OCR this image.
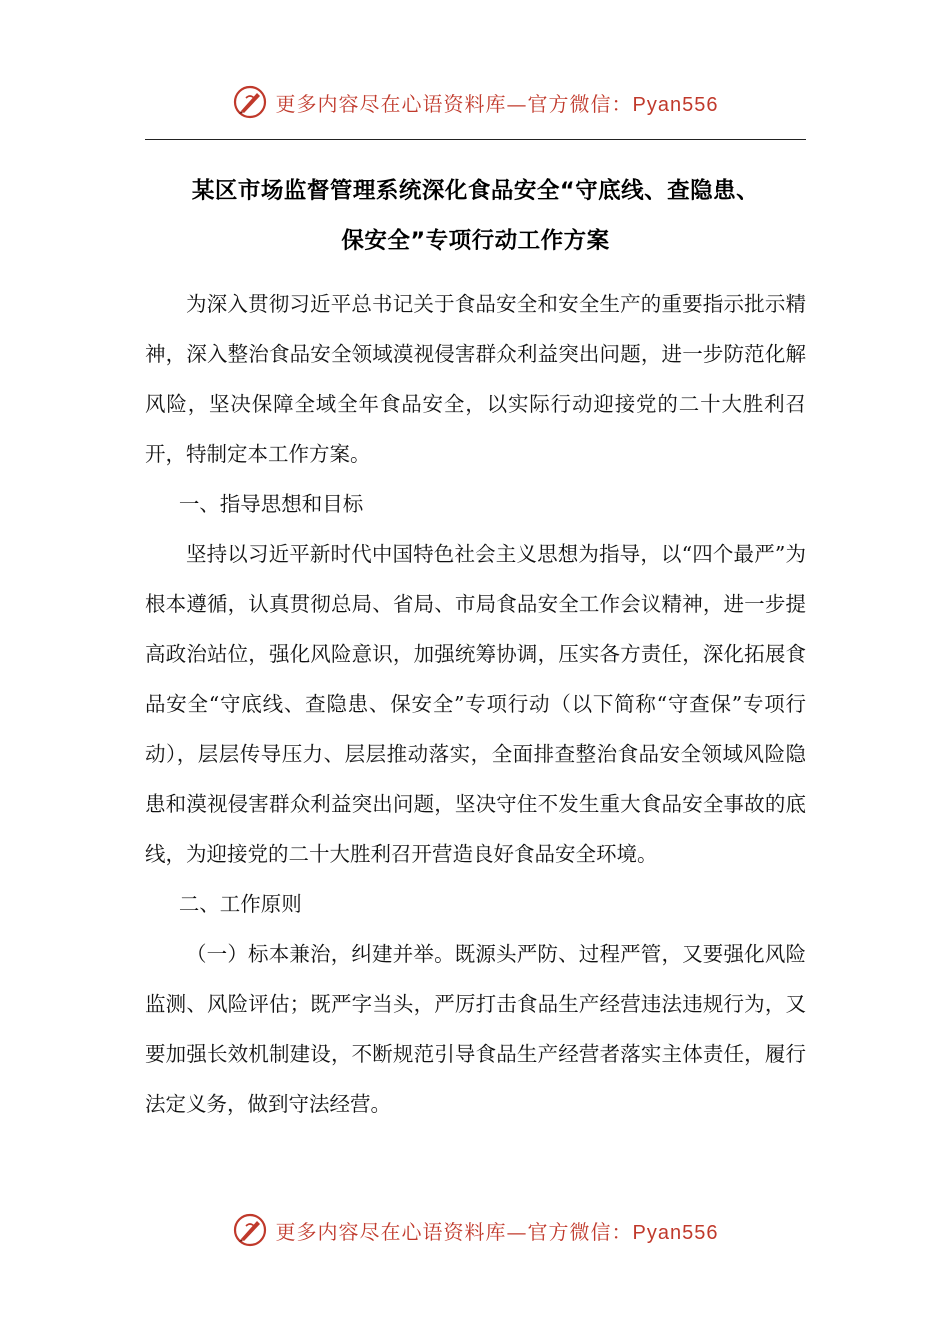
更多内容尽在心语资料库—官方微信：Pyan556
某区市场监督管理系统深化食品安全“守底线、查隐患、
保安全”专项行动工作方案

为深入贯彻习近平总书记关于食品安全和安全生产的重要指示批示精神，深入整治食品安全领域漠视侵害群众利益突出问题，进一步防范化解风险，坚决保障全域全年食品安全，以实际行动迎接党的二十大胜利召开，特制定本工作方案。

一、指导思想和目标

坚持以习近平新时代中国特色社会主义思想为指导，以“四个最严”为根本遵循，认真贯彻总局、省局、市局食品安全工作会议精神，进一步提高政治站位，强化风险意识，加强统筹协调，压实各方责任，深化拓展食品安全“守底线、查隐患、保安全”专项行动（以下简称“守查保”专项行动），层层传导压力、层层推动落实，全面排查整治食品安全领域风险隐患和漠视侵害群众利益突出问题，坚决守住不发生重大食品安全事故的底线，为迎接党的二十大胜利召开营造良好食品安全环境。

二、工作原则

（一）标本兼治，纠建并举。既源头严防、过程严管，又要强化风险监测、风险评估；既严字当头，严厉打击食品生产经营违法违规行为，又要加强长效机制建设，不断规范引导食品生产经营者落实主体责任，履行法定义务，做到守法经营。

更多内容尽在心语资料库—官方微信：Pyan556
